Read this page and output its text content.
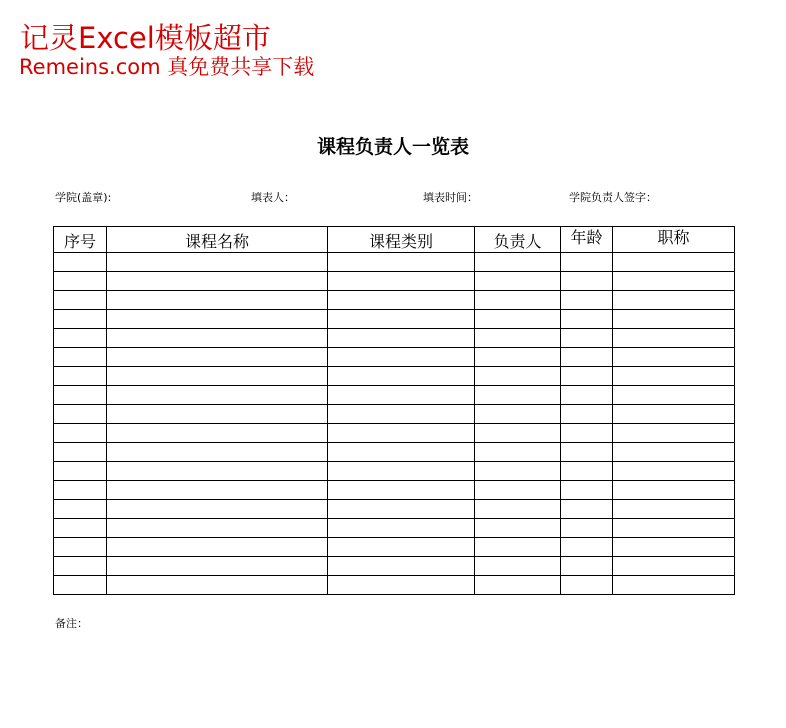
记灵Excel模板超市
Remeins.com 真免费共享下载
课程负责人一览表
学院(盖章):	填表人：	填表时间：	学院负责人签字：
序号	课程名称	课程类别	负责人	年龄	职称

备注：
